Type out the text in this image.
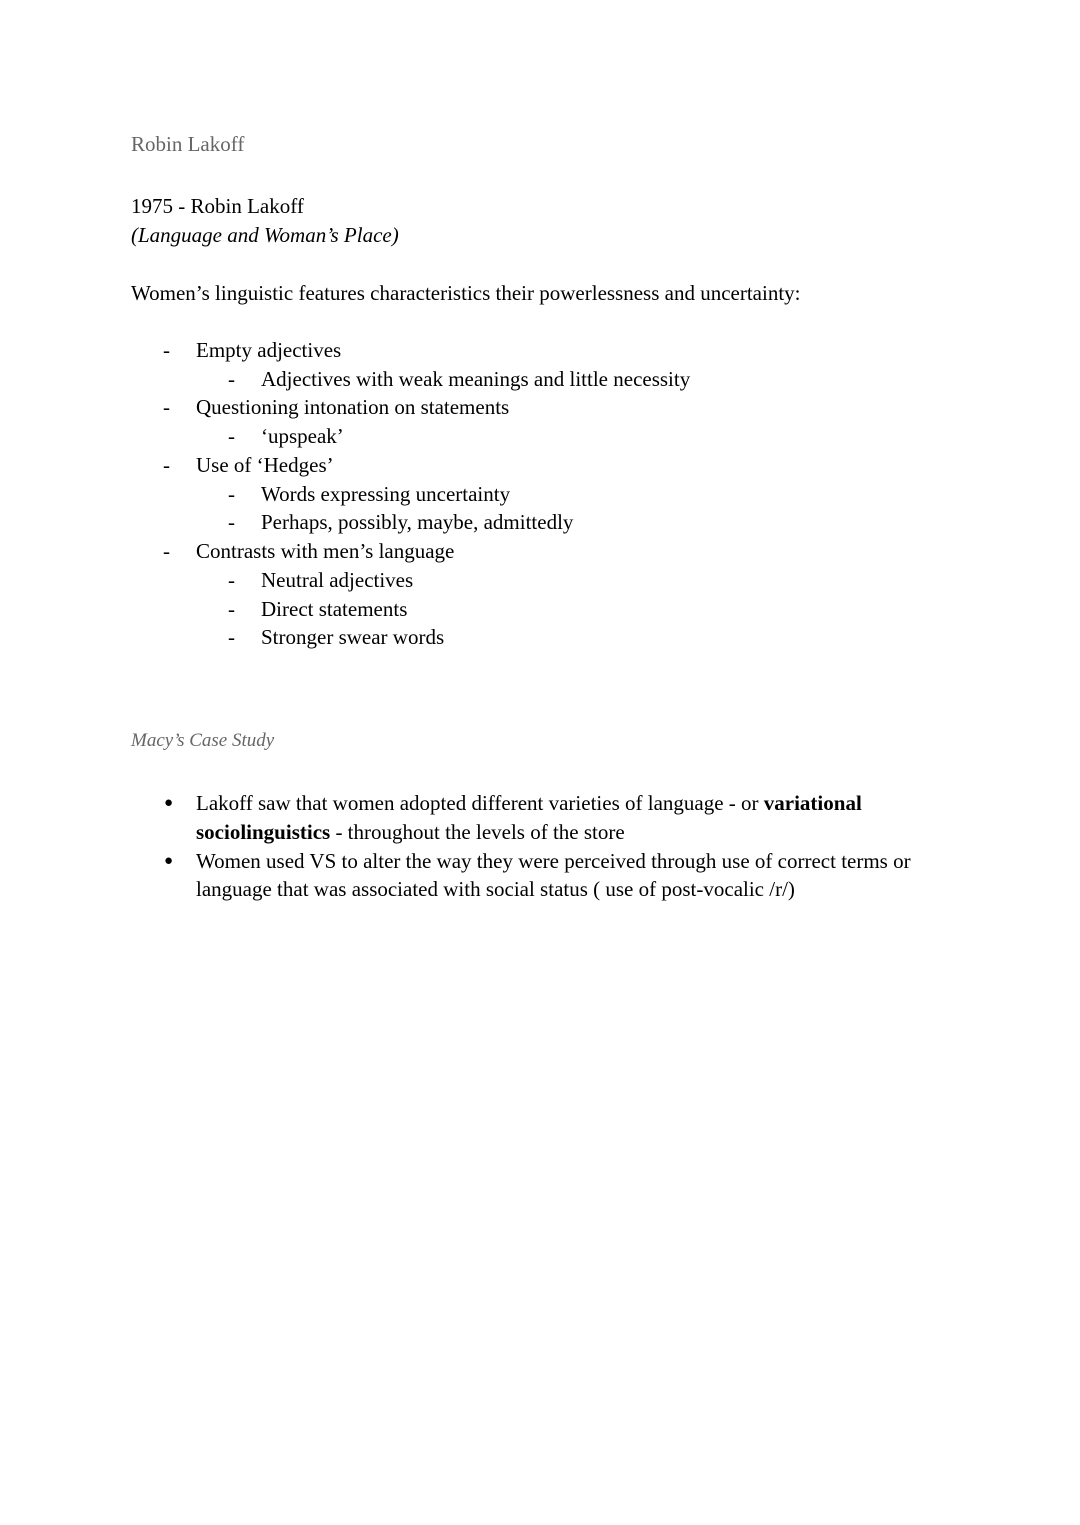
Robin Lakoff
1975 - Robin Lakoff
(Language and Woman’s Place)
Women’s linguistic features characteristics their powerlessness and uncertainty:
- Empty adjectives
- Adjectives with weak meanings and little necessity
- Questioning intonation on statements
- ‘upspeak’
- Use of ‘Hedges’
- Words expressing uncertainty
- Perhaps, possibly, maybe, admittedly
- Contrasts with men’s language
- Neutral adjectives
- Direct statements
- Stronger swear words
Macy’s Case Study
● Lakoff saw that women adopted different varieties of language - or variational
sociolinguistics - throughout the levels of the store
● Women used VS to alter the way they were perceived through use of correct terms or
language that was associated with social status ( use of post-vocalic /r/)
